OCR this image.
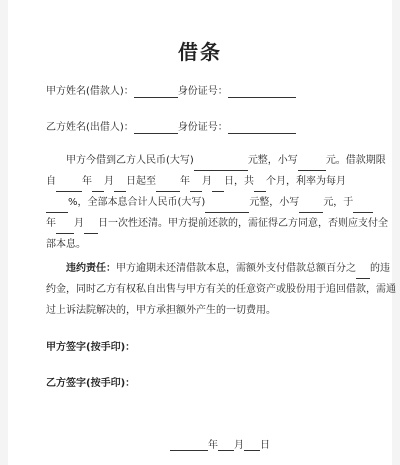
借条
甲方姓名(借款人)：	身份证号：
乙方姓名(出借人)：	身份证号：
甲方今借到乙方人民币(大写)	元整，小写	元。借款期限
自	年 月 日起至 年 月 日，共 个月，利率为每月
%，全部本息合计人民币(大写)	元整，小写 元，于
年 月 日一次性还清。甲方提前还款的，需征得乙方同意，否则应支付全
部本息。
违约责任：甲方逾期未还清借款本息，需额外支付借款总额百分之 的违
约金，同时乙方有权私自出售与甲方有关的任意资产或股份用于追回借款，需通
过上诉法院解决的，甲方承担额外产生的一切费用。
甲方签字(按手印)：
乙方签字(按手印)：
年 月 日
